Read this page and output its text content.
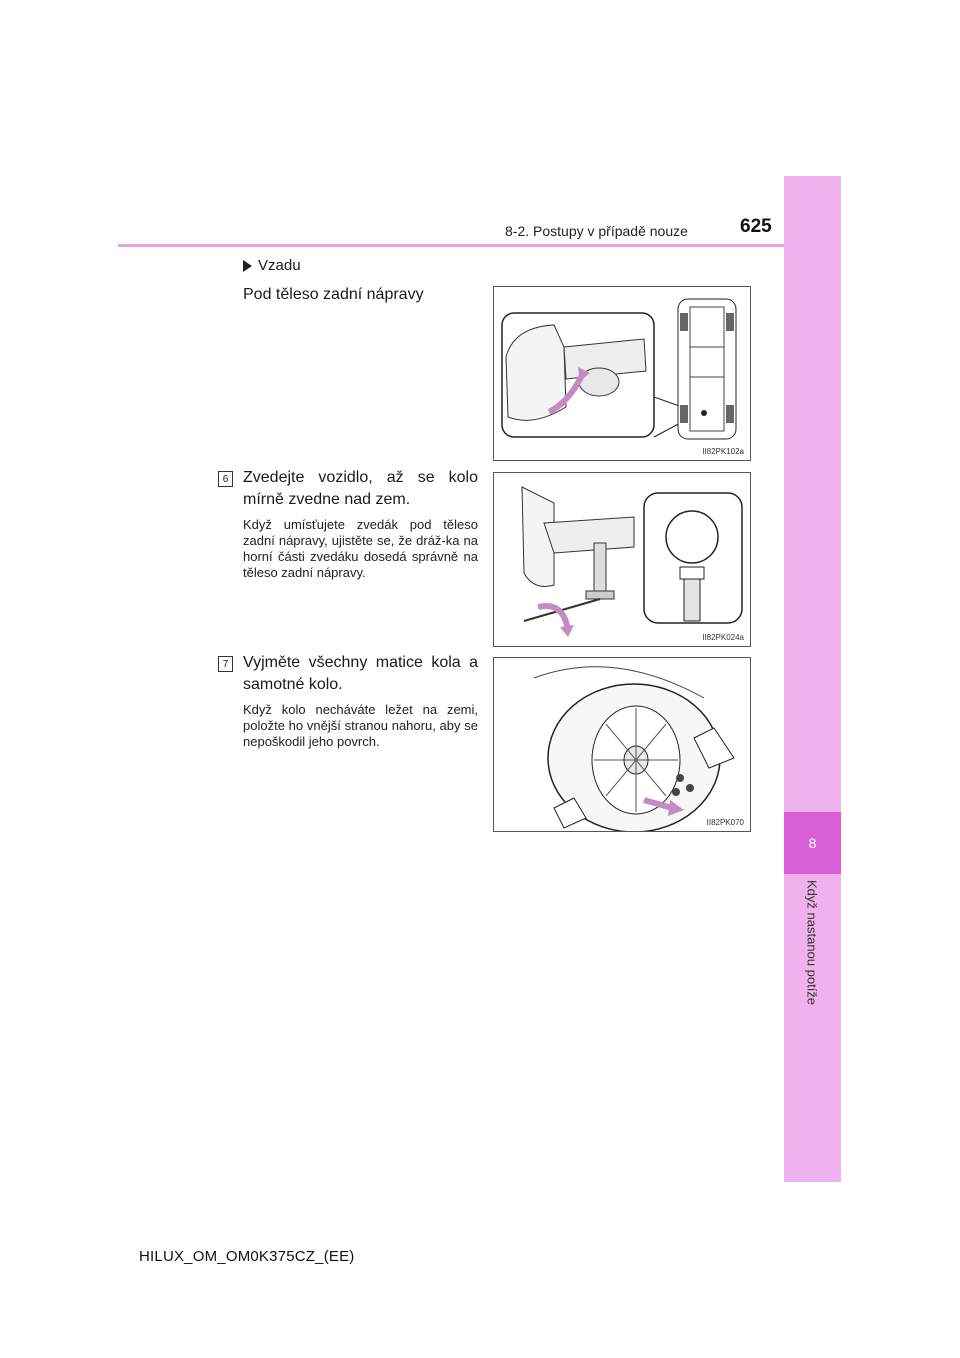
8
Když nastanou potíže
8-2. Postupy v případě nouze	625
Vzadu
Pod těleso zadní nápravy
II82PK102a
6 Zvedejte vozidlo, až se kolo mírně zvedne nad zem.
Když umísťujete zvedák pod těleso zadní nápravy, ujistěte se, že dráž-ka na horní části zvedáku dosedá správně na těleso zadní nápravy.
II82PK024a
7 Vyjměte všechny matice kola a samotné kolo.
Když kolo necháváte ležet na zemi, položte ho vnější stranou nahoru, aby se nepoškodil jeho povrch.
II82PK070
HILUX_OM_OM0K375CZ_(EE)
